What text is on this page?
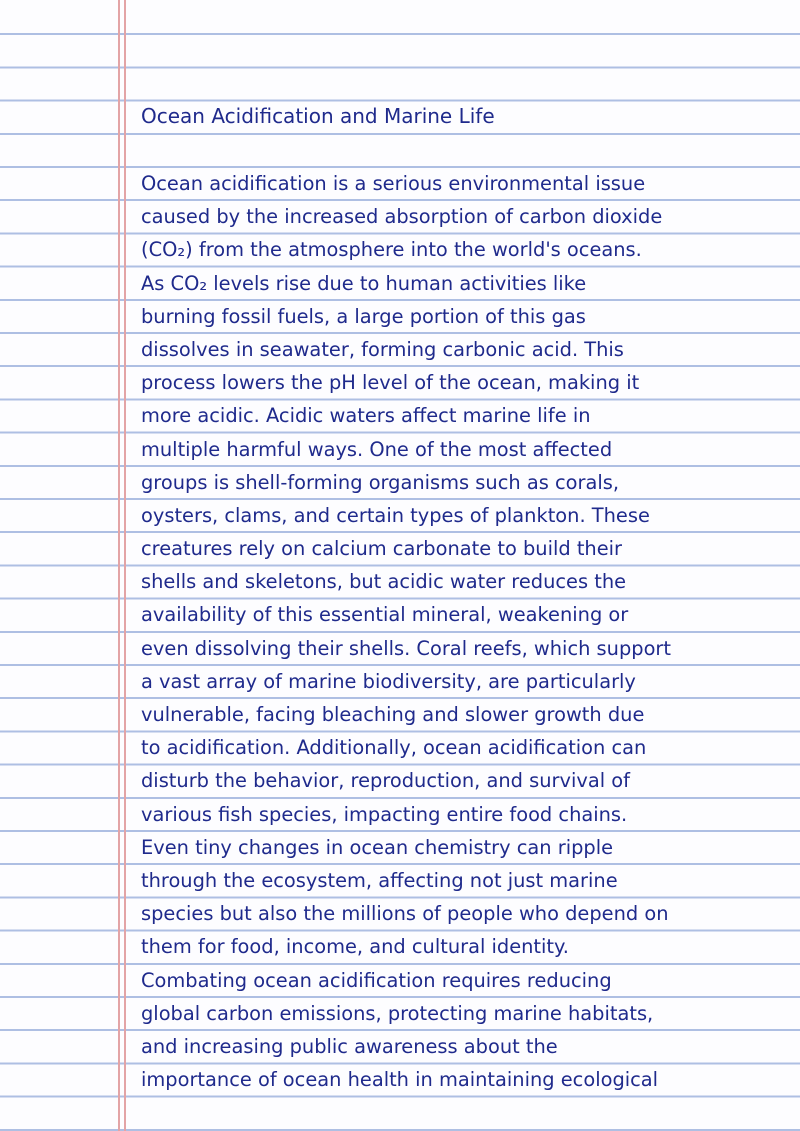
Ocean Acidification and Marine Life
Ocean acidification is a serious environmental issue
caused by the increased absorption of carbon dioxide
(CO₂) from the atmosphere into the world's oceans.
As CO₂ levels rise due to human activities like
burning fossil fuels, a large portion of this gas
dissolves in seawater, forming carbonic acid. This
process lowers the pH level of the ocean, making it
more acidic. Acidic waters affect marine life in
multiple harmful ways. One of the most affected
groups is shell-forming organisms such as corals,
oysters, clams, and certain types of plankton. These
creatures rely on calcium carbonate to build their
shells and skeletons, but acidic water reduces the
availability of this essential mineral, weakening or
even dissolving their shells. Coral reefs, which support
a vast array of marine biodiversity, are particularly
vulnerable, facing bleaching and slower growth due
to acidification. Additionally, ocean acidification can
disturb the behavior, reproduction, and survival of
various fish species, impacting entire food chains.
Even tiny changes in ocean chemistry can ripple
through the ecosystem, affecting not just marine
species but also the millions of people who depend on
them for food, income, and cultural identity.
Combating ocean acidification requires reducing
global carbon emissions, protecting marine habitats,
and increasing public awareness about the
importance of ocean health in maintaining ecological
